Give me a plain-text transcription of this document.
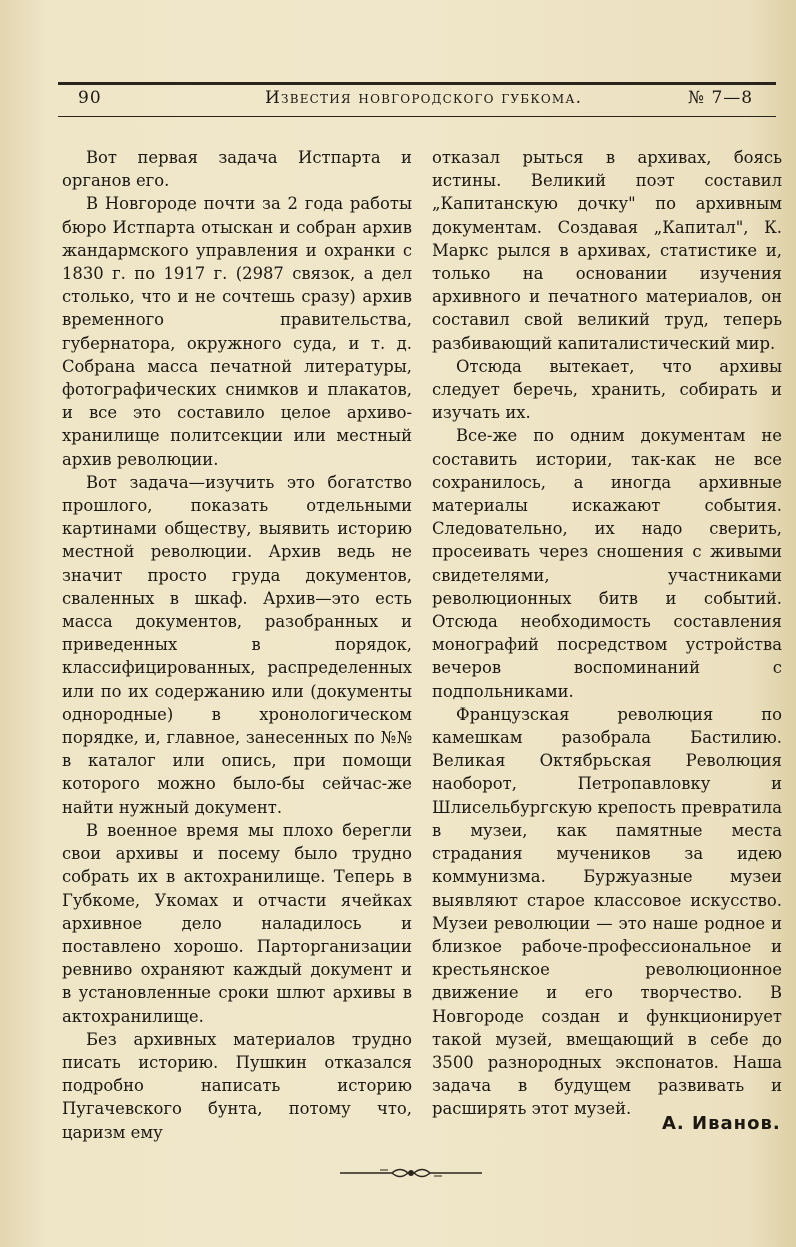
90	Известия новгородского губкома.	№ 7—8

Вот первая задача Истпарта и органов его.

В Новгороде почти за 2 года работы бюро Истпарта отыскан и собран архив жандармского управления и охранки с 1830 г. по 1917 г. (2987 связок, а дел столько, что и не сочтешь сразу) архив временного правительства, губернатора, окружного суда, и т. д. Собрана масса печатной литературы, фотографических снимков и плакатов, и все это составило целое архиво-хранилище политсекции или местный архив революции.

Вот задача—изучить это богатство прошлого, показать отдельными картинами обществу, выявить историю местной революции. Архив ведь не значит просто груда документов, сваленных в шкаф. Архив—это есть масса документов, разобранных и приведенных в порядок, классифицированных, распределенных или по их содержанию или (документы однородные) в хронологическом порядке, и, главное, занесенных по №№ в каталог или опись, при помощи которого можно было-бы сейчас-же найти нужный документ.

В военное время мы плохо берегли свои архивы и посему было трудно собрать их в актохранилище. Теперь в Губкоме, Укомах и отчасти ячейках архивное дело наладилось и поставлено хорошо. Парторганизации ревниво охраняют каждый документ и в установленные сроки шлют архивы в актохранилище.

Без архивных материалов трудно писать историю. Пушкин отказался подробно написать историю Пугачевского бунта, потому что, царизм ему

отказал рыться в архивах, боясь истины. Великий поэт составил „Капитанскую дочку" по архивным документам. Создавая „Капитал", К. Маркс рылся в архивах, статистике и, только на основании изучения архивного и печатного материалов, он составил свой великий труд, теперь разбивающий капиталистический мир.

Отсюда вытекает, что архивы следует беречь, хранить, собирать и изучать их.

Все-же по одним документам не составить истории, так-как не все сохранилось, а иногда архивные материалы искажают события. Следовательно, их надо сверить, просеивать через сношения с живыми свидетелями, участниками революционных битв и событий. Отсюда необходимость составления монографий посредством устройства вечеров воспоминаний с подпольниками.

Французская революция по камешкам разобрала Бастилию. Великая Октябрьская Революция наоборот, Петропавловку и Шлисельбургскую крепость превратила в музеи, как памятные места страдания мучеников за идею коммунизма. Буржуазные музеи выявляют старое классовое искусство. Музеи революции — это наше родное и близкое рабоче-профессиональное и крестьянское революционное движение и его творчество. В Новгороде создан и функционирует такой музей, вмещающий в себе до 3500 разнородных экспонатов. Наша задача в будущем развивать и расширять этот музей.

А. Иванов.
